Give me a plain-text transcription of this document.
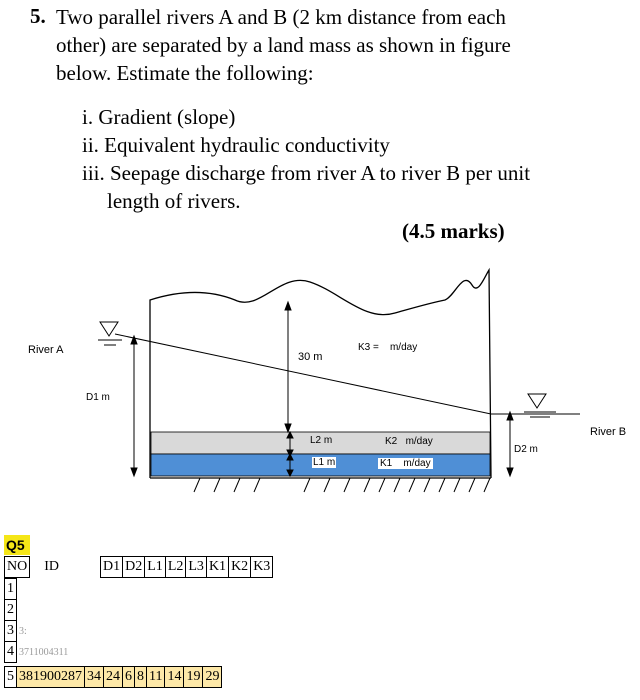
5. Two parallel rivers A and B (2 km distance from each
other) are separated by a land mass as shown in figure
below. Estimate the following:
i. Gradient (slope)
ii. Equivalent hydraulic conductivity
iii. Seepage discharge from river A to river B per unit
length of rivers.
(4.5 marks)
River A
River B
D1 m
D2 m
30 m
K3 =    m/day
L2 m
L1 m
K2   m/day
K1    m/day
Q5
NO	ID	D1	D2	L1	L2	L3	K1	K2	K3
1	
2	
3	3:
4	3711004311
5	381900287	34	24	6	8	11	14	19	29
